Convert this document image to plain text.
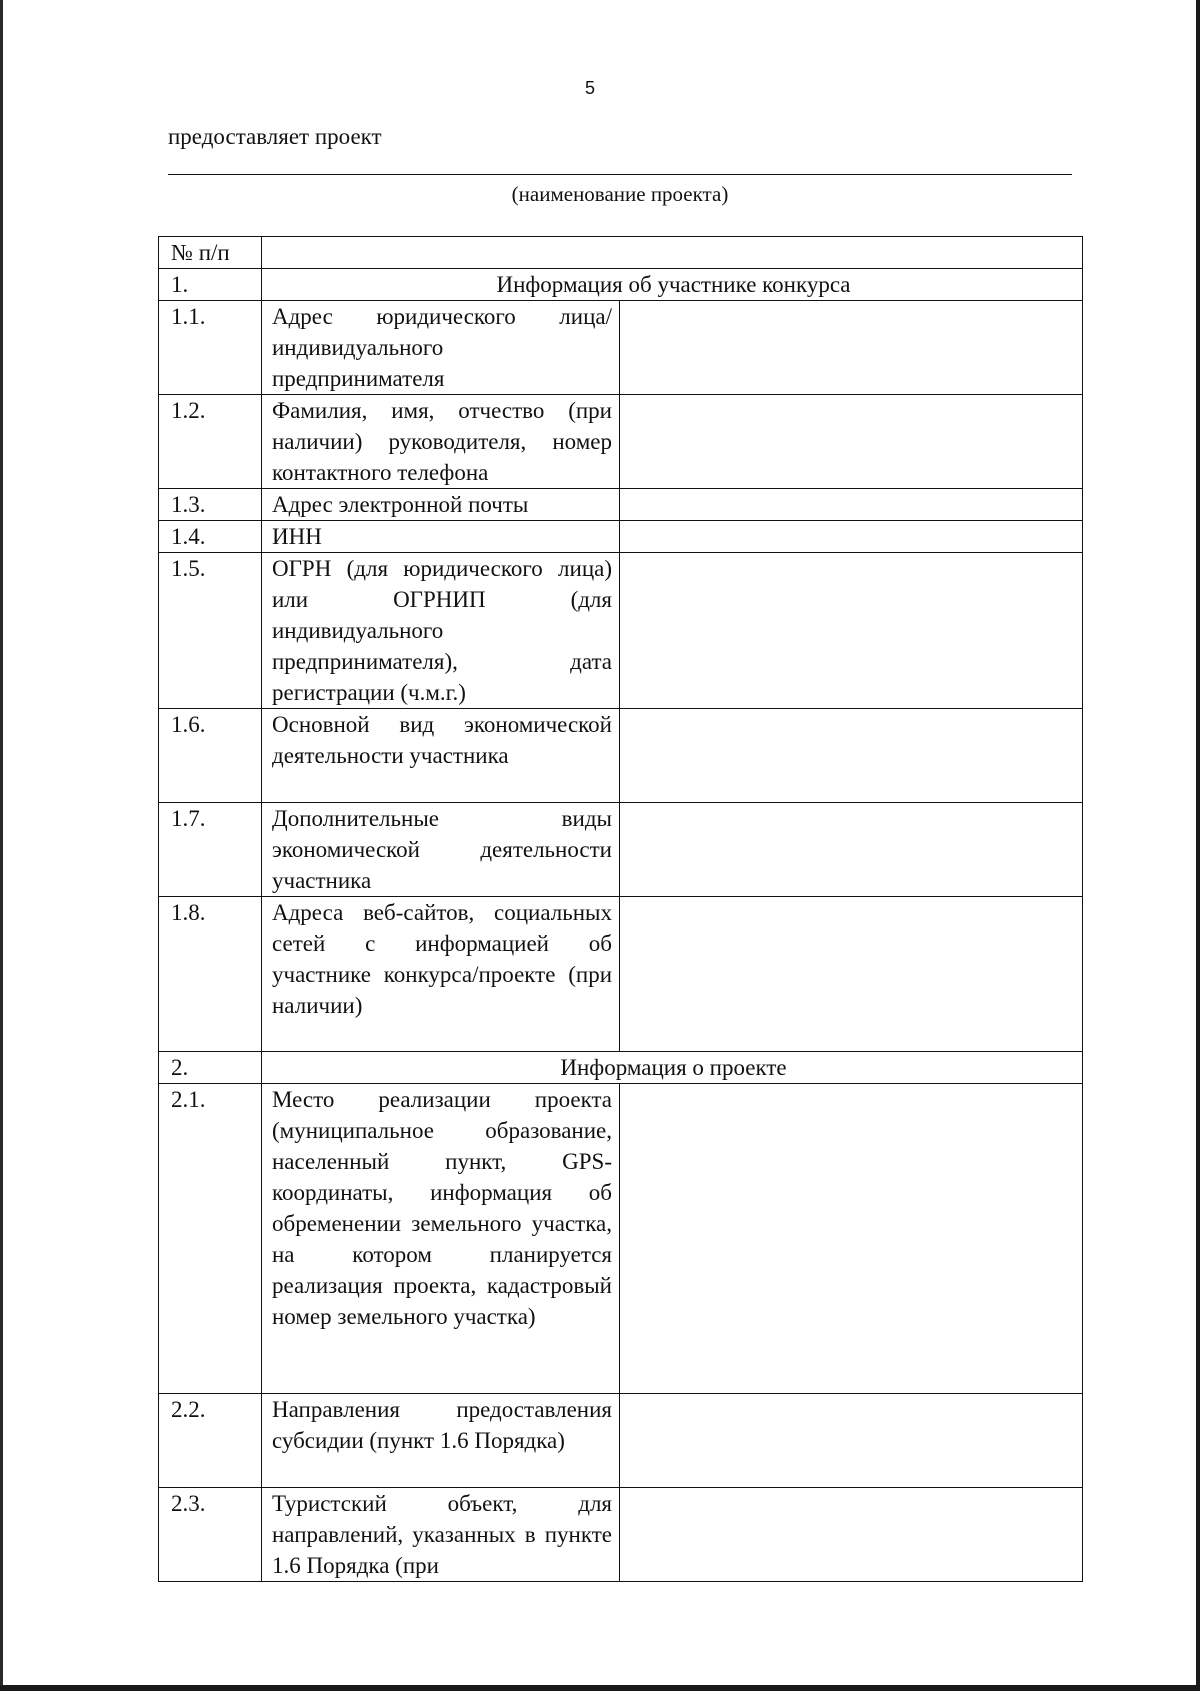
5
предоставляет проект
(наименование проекта)
№ п/п		
1.	Информация об участнике конкурса	
1.1.	Адрес юридического лица/индивидуального предпринимателя	
1.2.	Фамилия, имя, отчество (при наличии) руководителя, номер контактного телефона	
1.3.	Адрес электронной почты	
1.4.	ИНН	
1.5.	ОГРН (для юридического лица) или ОГРНИП (для индивидуального предпринимателя), дата регистрации (ч.м.г.)	
1.6.	Основной вид экономической деятельности участника	
1.7.	Дополнительные виды экономической деятельности участника	
1.8.	Адреса веб-сайтов, социальных сетей с информацией об участнике конкурса/проекте (при наличии)	
2.	Информация о проекте	
2.1.	Место реализации проекта (муниципальное образование, населенный пункт, GPS-координаты, информация об обременении земельного участка, на котором планируется реализация проекта, кадастровый номер земельного участка)	
2.2.	Направления предоставления субсидии (пункт 1.6 Порядка)	
2.3.	Туристский объект, для направлений, указанных в пункте 1.6 Порядка (при	
